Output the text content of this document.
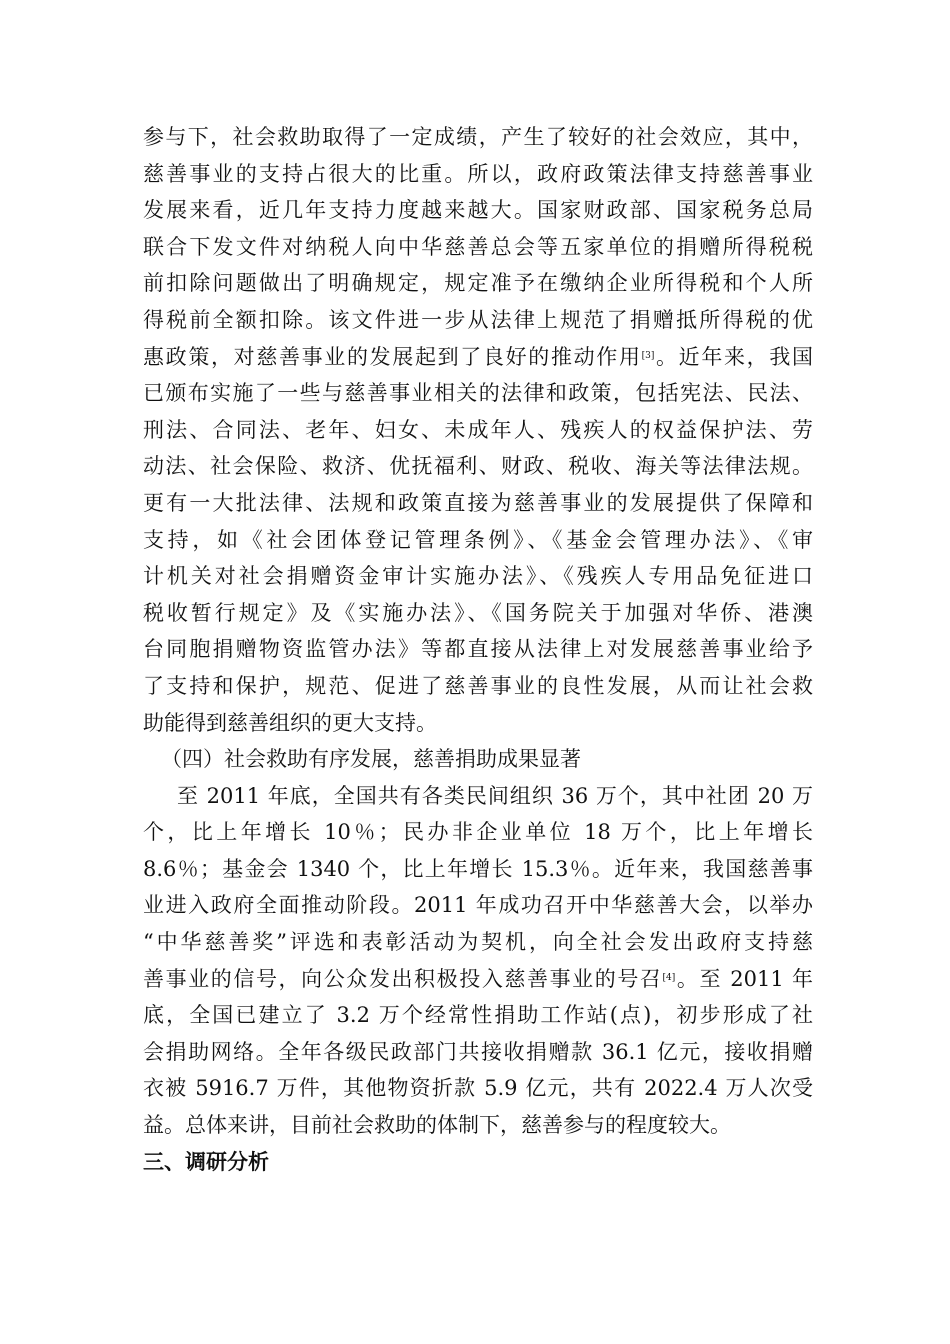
参与下，社会救助取得了一定成绩，产生了较好的社会效应，其中，
慈善事业的支持占很大的比重。所以，政府政策法律支持慈善事业
发展来看，近几年支持力度越来越大。国家财政部、国家税务总局
联合下发文件对纳税人向中华慈善总会等五家单位的捐赠所得税税
前扣除问题做出了明确规定，规定准予在缴纳企业所得税和个人所
得税前全额扣除。该文件进一步从法律上规范了捐赠抵所得税的优
惠政策，对慈善事业的发展起到了良好的推动作用[3]。近年来，我国
已颁布实施了一些与慈善事业相关的法律和政策，包括宪法、民法、
刑法、合同法、老年、妇女、未成年人、残疾人的权益保护法、劳
动法、社会保险、救济、优抚福利、财政、税收、海关等法律法规。
更有一大批法律、法规和政策直接为慈善事业的发展提供了保障和
支持，如《社会团体登记管理条例》、《基金会管理办法》、《审
计机关对社会捐赠资金审计实施办法》、《残疾人专用品免征进口
税收暂行规定》及《实施办法》、《国务院关于加强对华侨、港澳
台同胞捐赠物资监管办法》等都直接从法律上对发展慈善事业给予
了支持和保护，规范、促进了慈善事业的良性发展，从而让社会救
助能得到慈善组织的更大支持。
（四）社会救助有序发展，慈善捐助成果显著
至 2011 年底，全国共有各类民间组织 36 万个，其中社团 20 万
个，比上年增长 10％；民办非企业单位 18 万个，比上年增长
8.6％；基金会 1340 个，比上年增长 15.3％。近年来，我国慈善事
业进入政府全面推动阶段。2011 年成功召开中华慈善大会，以举办
“中华慈善奖”评选和表彰活动为契机，向全社会发出政府支持慈
善事业的信号，向公众发出积极投入慈善事业的号召[4]。至 2011 年
底，全国已建立了 3.2 万个经常性捐助工作站(点)，初步形成了社
会捐助网络。全年各级民政部门共接收捐赠款 36.1 亿元，接收捐赠
衣被 5916.7 万件，其他物资折款 5.9 亿元，共有 2022.4 万人次受
益。总体来讲，目前社会救助的体制下，慈善参与的程度较大。
三、调研分析
